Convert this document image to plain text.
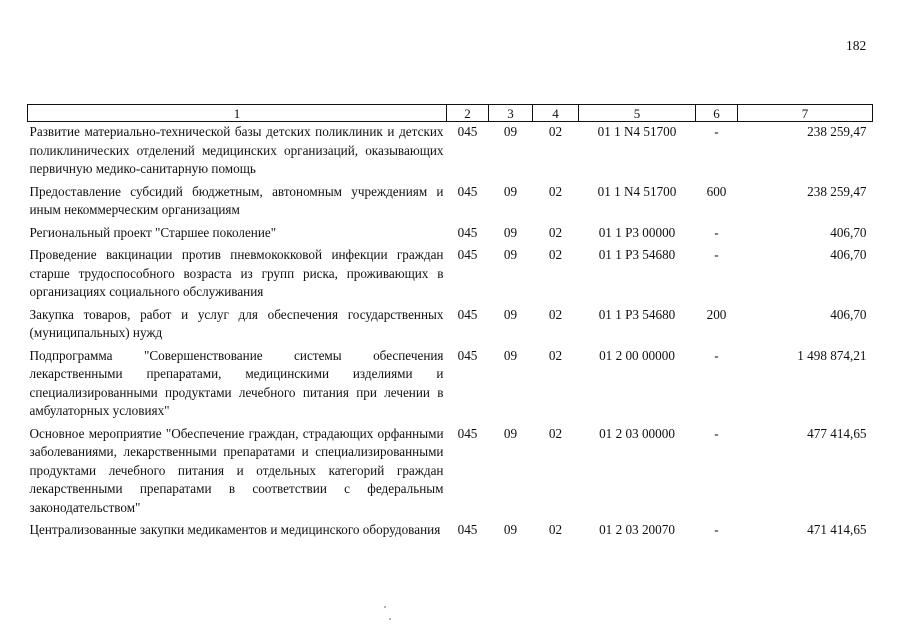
182
1	2	3	4	5	6	7
Развитие материально-технической базы детских поликлиник и детских поликлинических отделений медицинских организаций, оказывающих первичную медико-санитарную помощь	045	09	02	01 1 N4 51700	-	238 259,47
Предоставление субсидий бюджетным, автономным учреждениям и иным некоммерческим организациям	045	09	02	01 1 N4 51700	600	238 259,47
Региональный проект "Старшее поколение"	045	09	02	01 1 P3 00000	-	406,70
Проведение вакцинации против пневмококковой инфекции граждан старше трудоспособного возраста из групп риска, проживающих в организациях социального обслуживания	045	09	02	01 1 P3 54680	-	406,70
Закупка товаров, работ и услуг для обеспечения государственных (муниципальных) нужд	045	09	02	01 1 P3 54680	200	406,70
Подпрограмма "Совершенствование системы обеспечения лекарственными препаратами, медицинскими изделиями и специализированными продуктами лечебного питания при лечении в амбулаторных условиях"	045	09	02	01 2 00 00000	-	1 498 874,21
Основное мероприятие "Обеспечение граждан, страдающих орфанными заболеваниями, лекарственными препаратами и специализированными продуктами лечебного питания и отдельных категорий граждан лекарственными препаратами в соответствии с федеральным законодательством"	045	09	02	01 2 03 00000	-	477 414,65
Централизованные закупки медикаментов и медицинского оборудования	045	09	02	01 2 03 20070	-	471 414,65
